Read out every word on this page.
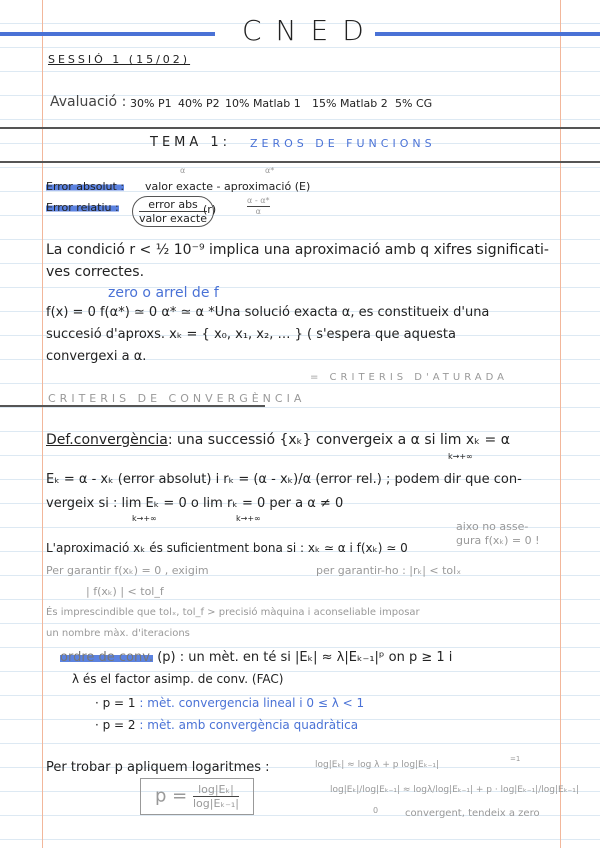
CNED
SESSIÓ 1 (15/02)
Avaluació : 30% P1 40% P2 10% Matlab 1 15% Matlab 2 5% CG
TEMA 1: ZEROS DE FUNCIONS
Error absolut :
α	α*
valor exacte - aproximació (E)
Error relatiu : $\frac{\text{error abs}}{\text{valor exacte}}$
(r)	$\frac{\alpha - \alpha*}{\alpha}$
La condició r < ½ 10⁻⁹ implica una aproximació amb q xifres significati-
ves correctes.
zero o arrel de f
f(x) = 0 f(α*) ≃ 0 α* ≃ α *Una solució exacta α, es constitueix d'una
succesió d'aproxs. xₖ = { x₀, x₁, x₂, … } ( s'espera que aquesta
convergexi a α.
= CRITERIS D'ATURADA
CRITERIS DE CONVERGÈNCIA
Def.convergència: una successió {xₖ} convergeix a α si lim xₖ = α
k→+∞
Eₖ = α - xₖ (error absolut) i rₖ = (α - xₖ)/α (error rel.) ; podem dir que con-
vergeix si : lim Eₖ = 0 o lim rₖ = 0 per a α ≠ 0
k→+∞	k→+∞
aixo no asse-
gura f(xₖ) = 0 !
L'aproximació xₖ és suficientment bona si : xₖ ≃ α i f(xₖ) ≃ 0
Per garantir f(xₖ) = 0 , exigim	per garantir-ho : |rₖ| < tolₓ
| f(xₖ) | < tol_f
És imprescindible que tolₓ, tol_f > precisió màquina i aconseliable imposar
un nombre màx. d'iteracions
ordre de conv. (p) : un mèt. en té si |Eₖ| ≈ λ|Eₖ₋₁|ᵖ on p ≥ 1 i
λ és el factor asimp. de conv. (FAC)
· p = 1 : mèt. convergencia lineal i 0 ≤ λ < 1
· p = 2 : mèt. amb convergència quadràtica
Per trobar p apliquem logaritmes :	log|Eₖ| ≈ log λ + p log|Eₖ₋₁|
=1
log|Eₖ|/log|Eₖ₋₁| ≈ logλ/log|Eₖ₋₁| + p · log|Eₖ₋₁|/log|Eₖ₋₁|
0	convergent, tendeix a zero
$p = \frac{\text{log|Eₖ|}}{\text{log|Eₖ₋₁|}}$
